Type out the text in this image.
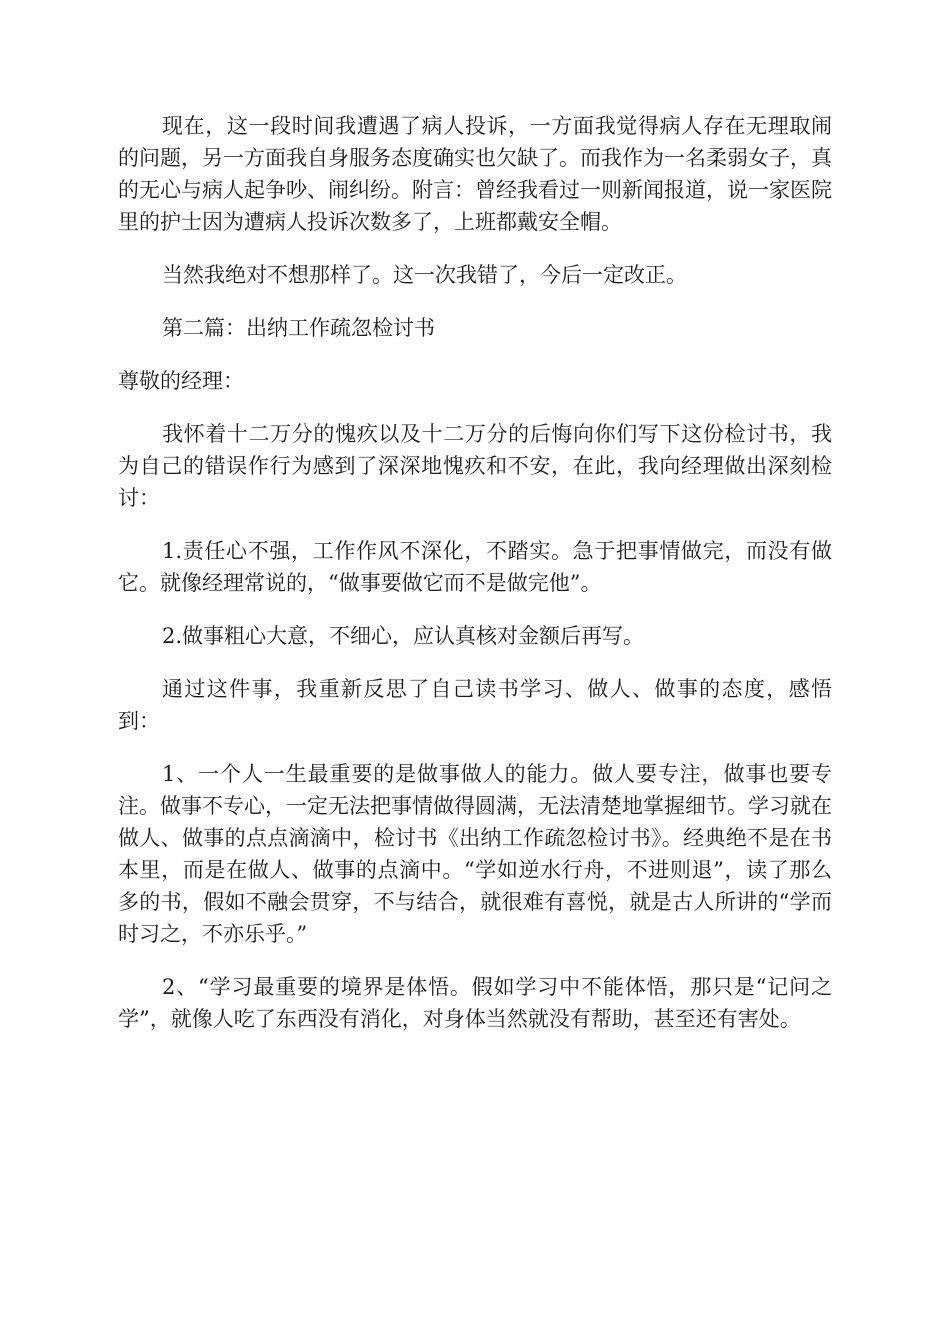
现在，这一段时间我遭遇了病人投诉，一方面我觉得病人存在无理取闹的问题，另一方面我自身服务态度确实也欠缺了。而我作为一名柔弱女子，真的无心与病人起争吵、闹纠纷。附言：曾经我看过一则新闻报道，说一家医院里的护士因为遭病人投诉次数多了，上班都戴安全帽。

当然我绝对不想那样了。这一次我错了，今后一定改正。

第二篇：出纳工作疏忽检讨书

尊敬的经理：

我怀着十二万分的愧疚以及十二万分的后悔向你们写下这份检讨书，我为自己的错误作行为感到了深深地愧疚和不安，在此，我向经理做出深刻检讨：

1.责任心不强，工作作风不深化，不踏实。急于把事情做完，而没有做它。就像经理常说的，“做事要做它而不是做完他”。

2.做事粗心大意，不细心，应认真核对金额后再写。

通过这件事，我重新反思了自己读书学习、做人、做事的态度，感悟到：

1、一个人一生最重要的是做事做人的能力。做人要专注，做事也要专注。做事不专心，一定无法把事情做得圆满，无法清楚地掌握细节。学习就在做人、做事的点点滴滴中，检讨书《出纳工作疏忽检讨书》。经典绝不是在书本里，而是在做人、做事的点滴中。“学如逆水行舟，不进则退”，读了那么多的书，假如不融会贯穿，不与结合，就很难有喜悦，就是古人所讲的“学而时习之，不亦乐乎。”

2、“学习最重要的境界是体悟。假如学习中不能体悟，那只是“记问之学”，就像人吃了东西没有消化，对身体当然就没有帮助，甚至还有害处。
